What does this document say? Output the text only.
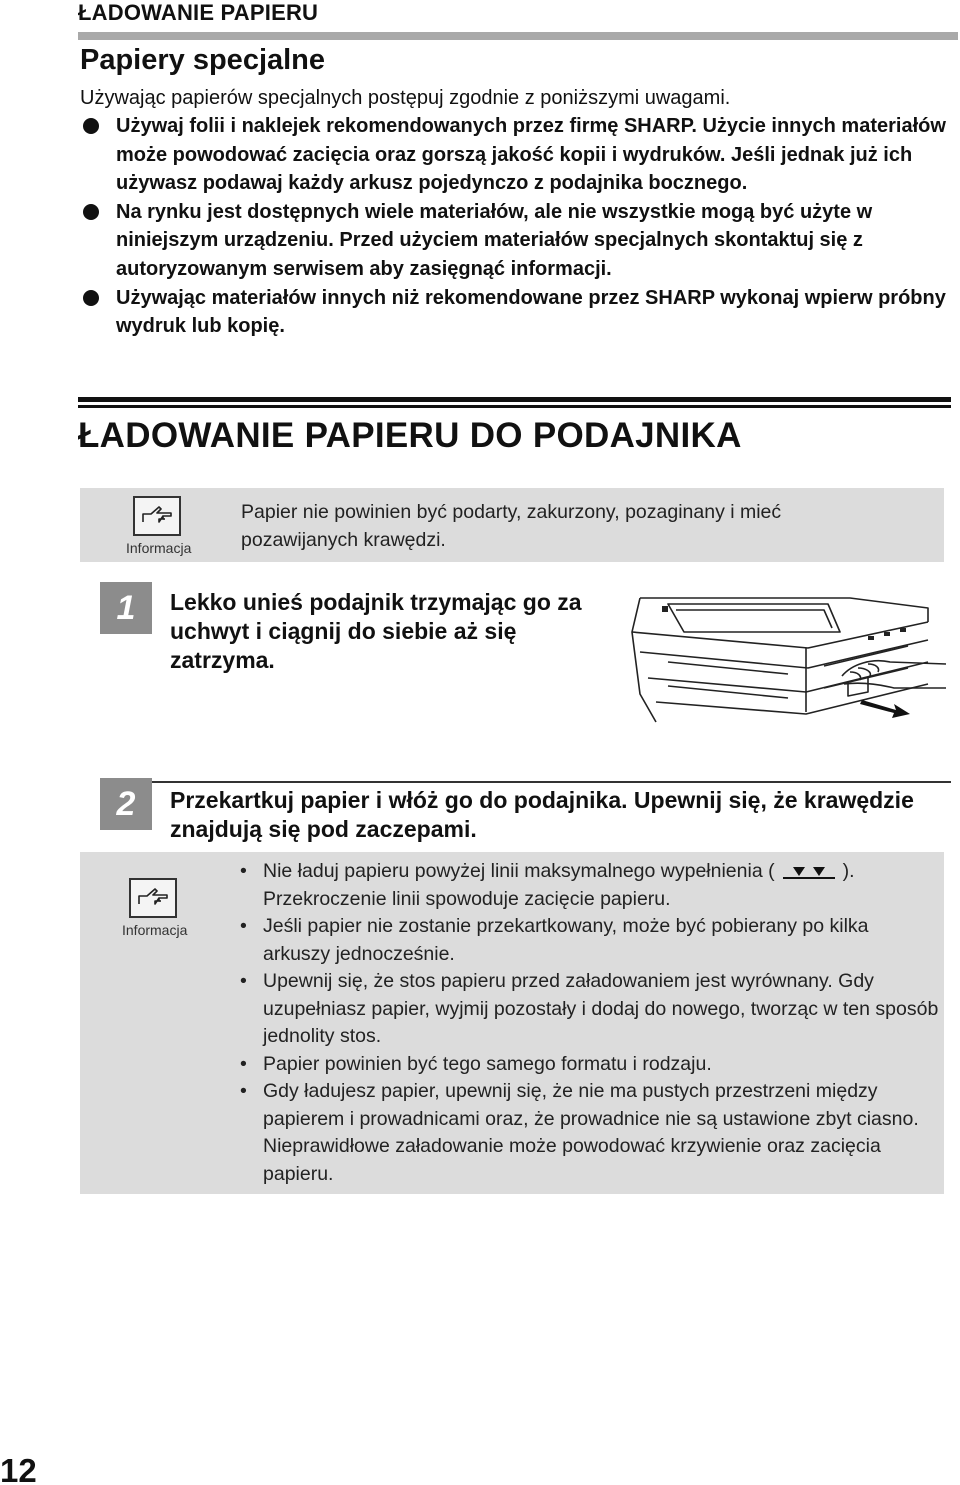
ŁADOWANIE PAPIERU
Papiery specjalne
Używając papierów specjalnych postępuj zgodnie z poniższymi uwagami.
Używaj folii i naklejek rekomendowanych przez firmę SHARP. Użycie innych materiałów może powodować zacięcia oraz gorszą jakość kopii i wydruków. Jeśli jednak już ich używasz podawaj każdy arkusz pojedynczo z podajnika bocznego.
Na rynku jest dostępnych wiele materiałów, ale nie wszystkie mogą być użyte w niniejszym urządzeniu. Przed użyciem materiałów specjalnych skontaktuj się z autoryzowanym serwisem aby zasięgnąć informacji.
Używając materiałów innych niż rekomendowane przez SHARP wykonaj wpierw próbny wydruk lub kopię.
ŁADOWANIE PAPIERU DO PODAJNIKA
Informacja
Papier nie powinien być podarty, zakurzony, pozaginany i mieć pozawijanych krawędzi.
1	Lekko unieś podajnik trzymając go za uchwyt i ciągnij do siebie aż się zatrzyma.
2	Przekartkuj papier i włóż go do podajnika. Upewnij się, że krawędzie znajdują się pod zaczepami.
Informacja
• Nie ładuj papieru powyżej linii maksymalnego wypełnienia (	).
Przekroczenie linii spowoduje zacięcie papieru.
• Jeśli papier nie zostanie przekartkowany, może być pobierany po kilka arkuszy jednocześnie.
• Upewnij się, że stos papieru przed załadowaniem jest wyrównany. Gdy uzupełniasz papier, wyjmij pozostały i dodaj do nowego, tworząc w ten sposób jednolity stos.
• Papier powinien być tego samego formatu i rodzaju.
• Gdy ładujesz papier, upewnij się, że nie ma pustych przestrzeni między papierem i prowadnicami oraz, że prowadnice nie są ustawione zbyt ciasno. Nieprawidłowe załadowanie może powodować krzywienie oraz zacięcia papieru.
12
